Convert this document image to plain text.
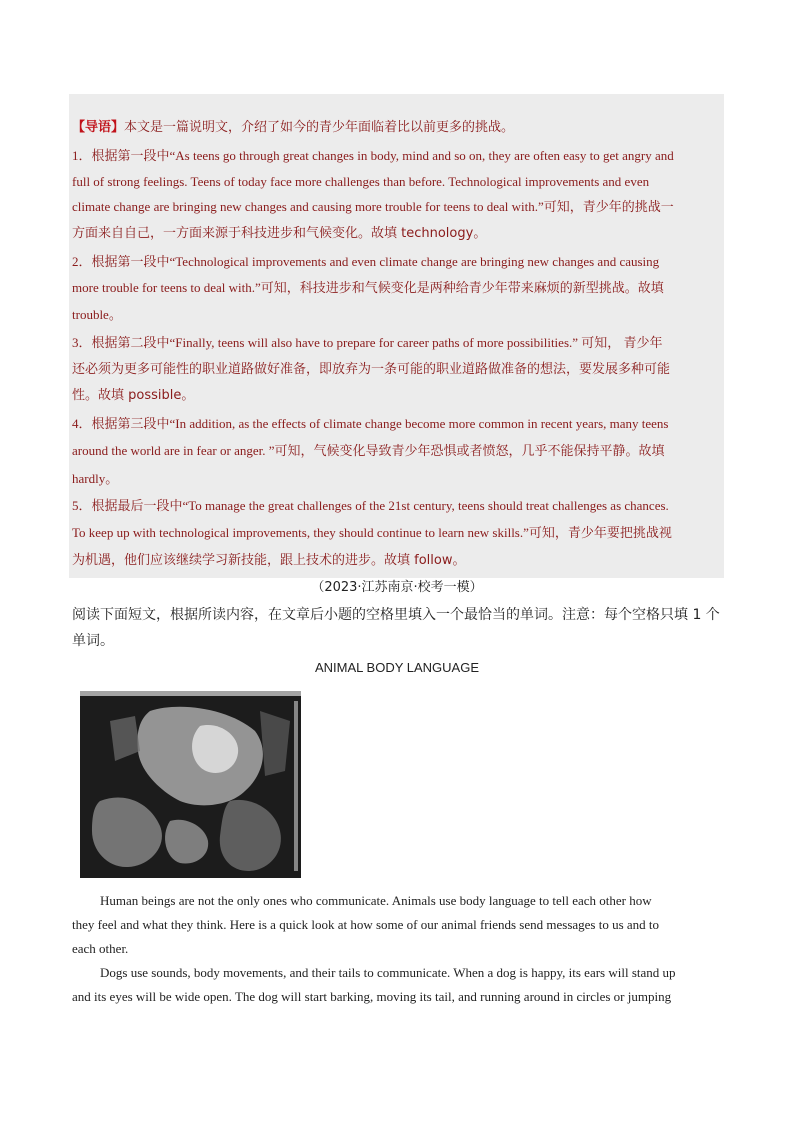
【导语】本文是一篇说明文，介绍了如今的青少年面临着比以前更多的挑战。
1．根据第一段中“As teens go through great changes in body, mind and so on, they are often easy to get angry and
full of strong feelings. Teens of today face more challenges than before. Technological improvements and even
climate change are bringing new changes and causing more trouble for teens to deal with.”可知，青少年的挑战一
方面来自自己，一方面来源于科技进步和气候变化。故填 technology。
2．根据第一段中“Technological improvements and even climate change are bringing new changes and causing
more trouble for teens to deal with.”可知，科技进步和气候变化是两种给青少年带来麻烦的新型挑战。故填
trouble。
3．根据第二段中“Finally, teens will also have to prepare for career paths of more possibilities.” 可知， 青少年
还必须为更多可能性的职业道路做好准备，即放弃为一条可能的职业道路做准备的想法，要发展多种可能
性。故填 possible。
4．根据第三段中“In addition, as the effects of climate change become more common in recent years, many teens
around the world are in fear or anger. ”可知，气候变化导致青少年恐惧或者愤怒，几乎不能保持平静。故填
hardly。
5．根据最后一段中“To manage the great challenges of the 21st century, teens should treat challenges as chances.
To keep up with technological improvements, they should continue to learn new skills.”可知，青少年要把挑战视
为机遇，他们应该继续学习新技能，跟上技术的进步。故填 follow。
（2023·江苏南京·校考一模）
阅读下面短文，根据所读内容，在文章后小题的空格里填入一个最恰当的单词。注意：每个空格只填 1 个
单词。
ANIMAL BODY LANGUAGE
Human beings are not the only ones who communicate. Animals use body language to tell each other how
they feel and what they think. Here is a quick look at how some of our animal friends send messages to us and to
each other.
Dogs use sounds, body movements, and their tails to communicate. When a dog is happy, its ears will stand up
and its eyes will be wide open. The dog will start barking, moving its tail, and running around in circles or jumping
